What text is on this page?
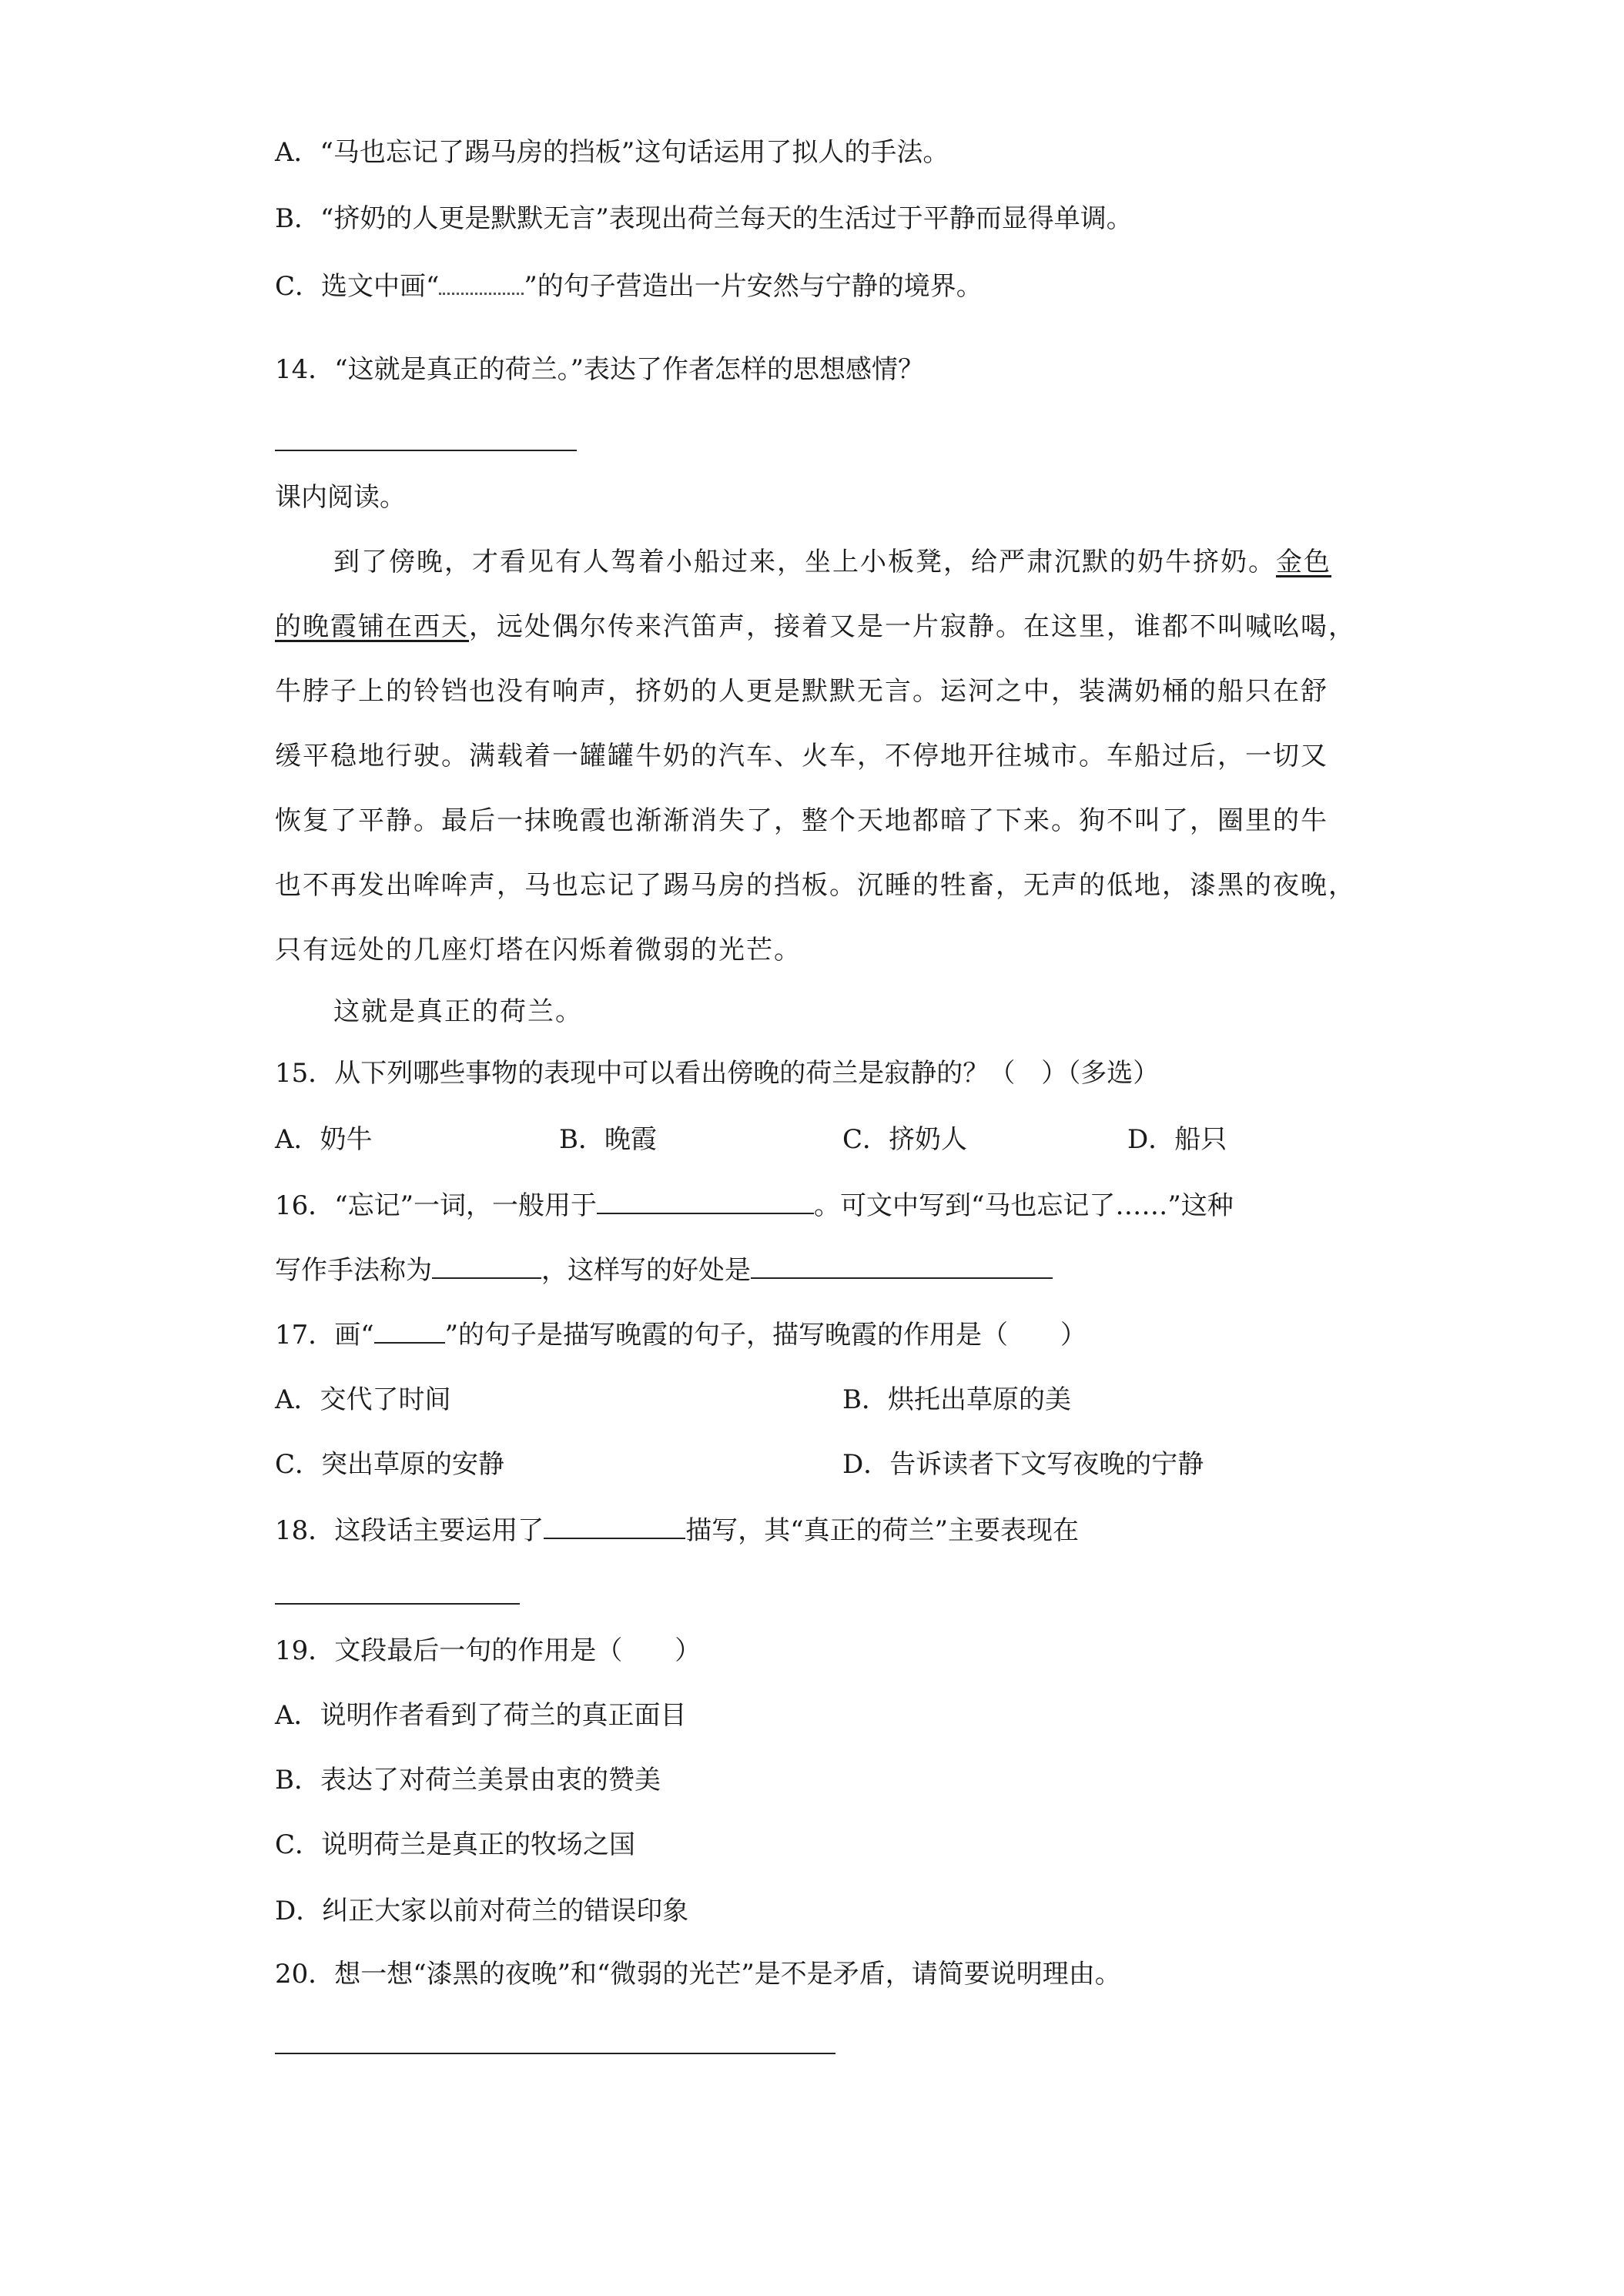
A．“马也忘记了踢马房的挡板”这句话运用了拟人的手法。
B．“挤奶的人更是默默无言”表现出荷兰每天的生活过于平静而显得单调。
C．选文中画“	”的句子营造出一片安然与宁静的境界。
14．“这就是真正的荷兰。”表达了作者怎样的思想感情？
课内阅读。
到了傍晚，才看见有人驾着小船过来，坐上小板凳，给严肃沉默的奶牛挤奶。金色
的晚霞铺在西天，远处偶尔传来汽笛声，接着又是一片寂静。在这里，谁都不叫喊吆喝，
牛脖子上的铃铛也没有响声，挤奶的人更是默默无言。运河之中，装满奶桶的船只在舒
缓平稳地行驶。满载着一罐罐牛奶的汽车、火车，不停地开往城市。车船过后，一切又
恢复了平静。最后一抹晚霞也渐渐消失了，整个天地都暗了下来。狗不叫了，圈里的牛
也不再发出哞哞声，马也忘记了踢马房的挡板。沉睡的牲畜，无声的低地，漆黑的夜晚，
只有远处的几座灯塔在闪烁着微弱的光芒。
这就是真正的荷兰。
15．从下列哪些事物的表现中可以看出傍晚的荷兰是寂静的？（　）（多选）
A．奶牛	B．晚霞	C．挤奶人	D．船只
16．“忘记”一词，一般用于	。可文中写到“马也忘记了……”这种
写作手法称为	，这样写的好处是
17．画“	”的句子是描写晚霞的句子，描写晚霞的作用是（　　）
A．交代了时间	B．烘托出草原的美
C．突出草原的安静	D．告诉读者下文写夜晚的宁静
18．这段话主要运用了	描写，其“真正的荷兰”主要表现在
19．文段最后一句的作用是（　　）
A．说明作者看到了荷兰的真正面目
B．表达了对荷兰美景由衷的赞美
C．说明荷兰是真正的牧场之国
D．纠正大家以前对荷兰的错误印象
20．想一想“漆黑的夜晚”和“微弱的光芒”是不是矛盾，请简要说明理由。
